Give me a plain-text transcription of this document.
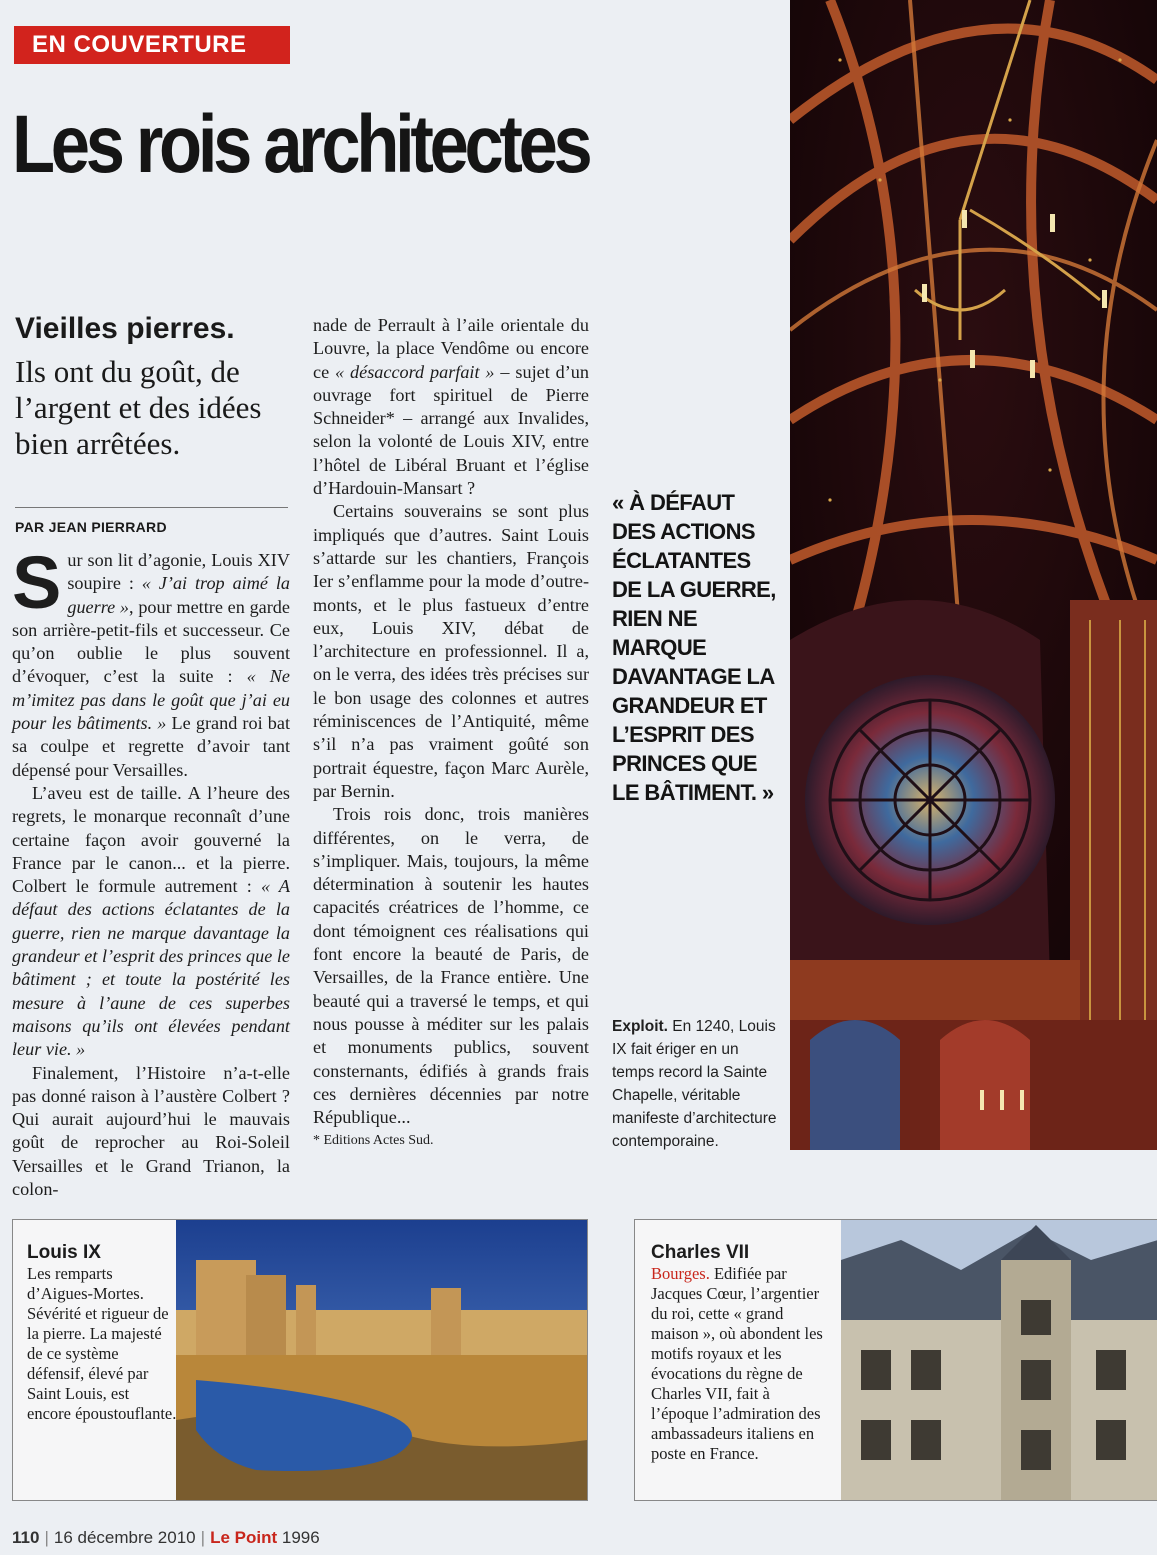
EN COUVERTURE
Les rois architectes
Vieilles pierres.
Ils ont du goût, de l’argent et des idées bien arrêtées.
PAR JEAN PIERRARD

Sur son lit d’agonie, Louis XIV soupire : « J’ai trop aimé la guerre », pour mettre en garde son arrière-petit-fils et successeur. Ce qu’on oublie le plus souvent d’évoquer, c’est la suite : « Ne m’imitez pas dans le goût que j’ai eu pour les bâtiments. » Le grand roi bat sa coulpe et regrette d’avoir tant dépensé pour Versailles.

L’aveu est de taille. A l’heure des regrets, le monarque reconnaît d’une certaine façon avoir gouverné la France par le canon... et la pierre. Colbert le formule autrement : « A défaut des actions éclatantes de la guerre, rien ne marque davantage la grandeur et l’esprit des princes que le bâtiment ; et toute la postérité les mesure à l’aune de ces superbes maisons qu’ils ont élevées pendant leur vie. »

Finalement, l’Histoire n’a-t-elle pas donné raison à l’austère Colbert ? Qui aurait aujourd’hui le mauvais goût de reprocher au Roi-Soleil Versailles et le Grand Trianon, la colon-

nade de Perrault à l’aile orientale du Louvre, la place Vendôme ou encore ce « désaccord parfait » – sujet d’un ouvrage fort spirituel de Pierre Schneider* – arrangé aux Invalides, selon la volonté de Louis XIV, entre l’hôtel de Libéral Bruant et l’église d’Hardouin-Mansart ?

Certains souverains se sont plus impliqués que d’autres. Saint Louis s’attarde sur les chantiers, François Ier s’enflamme pour la mode d’outre-monts, et le plus fastueux d’entre eux, Louis XIV, débat de l’architecture en professionnel. Il a, on le verra, des idées très précises sur le bon usage des colonnes et autres réminiscences de l’Antiquité, même s’il n’a pas vraiment goûté son portrait équestre, façon Marc Aurèle, par Bernin.

Trois rois donc, trois manières différentes, on le verra, de s’impliquer. Mais, toujours, la même détermination à soutenir les hautes capacités créatrices de l’homme, ce dont témoignent ces réalisations qui font encore la beauté de Paris, de Versailles, de la France entière. Une beauté qui a traversé le temps, et qui nous pousse à méditer sur les palais et monuments publics, souvent consternants, édifiés à grands frais ces dernières décennies par notre République...

* Editions Actes Sud.

« À DÉFAUT DES ACTIONS ÉCLATANTES DE LA GUERRE, RIEN NE MARQUE DAVANTAGE LA GRANDEUR ET L’ESPRIT DES PRINCES QUE LE BÂTIMENT. »
Exploit. En 1240, Louis IX fait ériger en un temps record la Sainte Chapelle, véritable manifeste d’architecture contemporaine.
Louis IX
Les remparts d’Aigues-Mortes.
Sévérité et rigueur de la pierre. La majesté de ce système défensif, élevé par Saint Louis, est encore époustouflante.
Charles VII
Bourges. Edifiée par Jacques Cœur, l’argentier du roi, cette « grand maison », où abondent les motifs royaux et les évocations du règne de Charles VII, fait à l’époque l’admiration des ambassadeurs italiens en poste en France.
110 | 16 décembre 2010 | Le Point 1996
